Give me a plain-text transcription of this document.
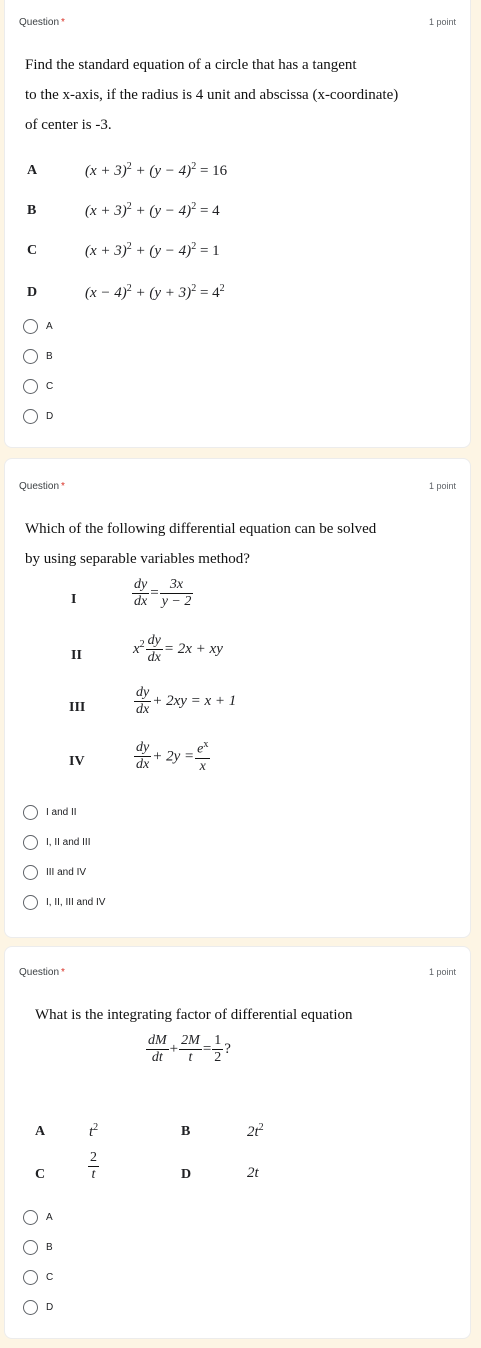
Question *	1 point
Find the standard equation of a circle that has a tangent
to the x-axis, if the radius is 4 unit and abscissa (x-coordinate)
of center is -3.
A	$(x + 3)^2 + (y - 4)^2 = 16$
B	$(x + 3)^2 + (y - 4)^2 = 4$
C	$(x + 3)^2 + (y - 4)^2 = 1$
D	$(x - 4)^2 + (y + 3)^2 = 4^2$
A
B
C
D
Question *	1 point
Which of the following differential equation can be solved
by using separable variables method?
I	$\frac{dy}{dx} = \frac{3x}{y - 2}$
II	$x^2 \frac{dy}{dx} = 2x$ + xy
III	$\frac{dy}{dx} + 2xy = x + 1$
IV	$\frac{dy}{dx} + 2y = \frac{e^x}{x}$
I and II
I, II and III
III and IV
I, II, III and IV
Question *	1 point
What is the integrating factor of differential equation
$\frac{dM}{dt} + \frac{2M}{t} = \frac{1}{2}$ ?
A	$t^2$	B	$2t^2$
C	$\frac{2}{t}$	D	2t
A
B
C
D
